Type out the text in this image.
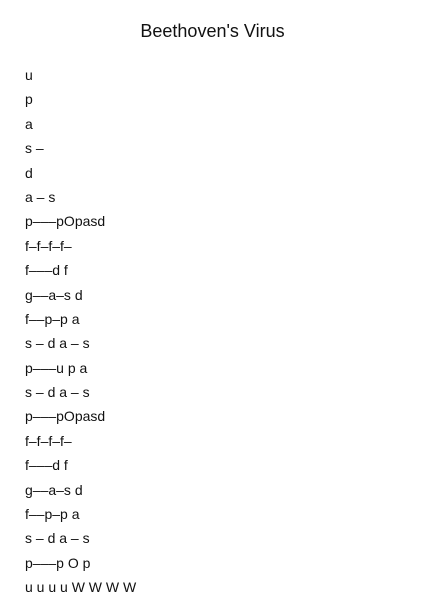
Beethoven's Virus
u
p
a
s –
d
a – s
p–––pOpasd
f–f–f–f–
f–––d f
g––a–s d
f––p–p a
s – d a – s
p–––u p a
s – d a – s
p–––pOpasd
f–f–f–f–
f–––d f
g––a–s d
f––p–p a
s – d a – s
p–––p O p
u u u u W W W W
